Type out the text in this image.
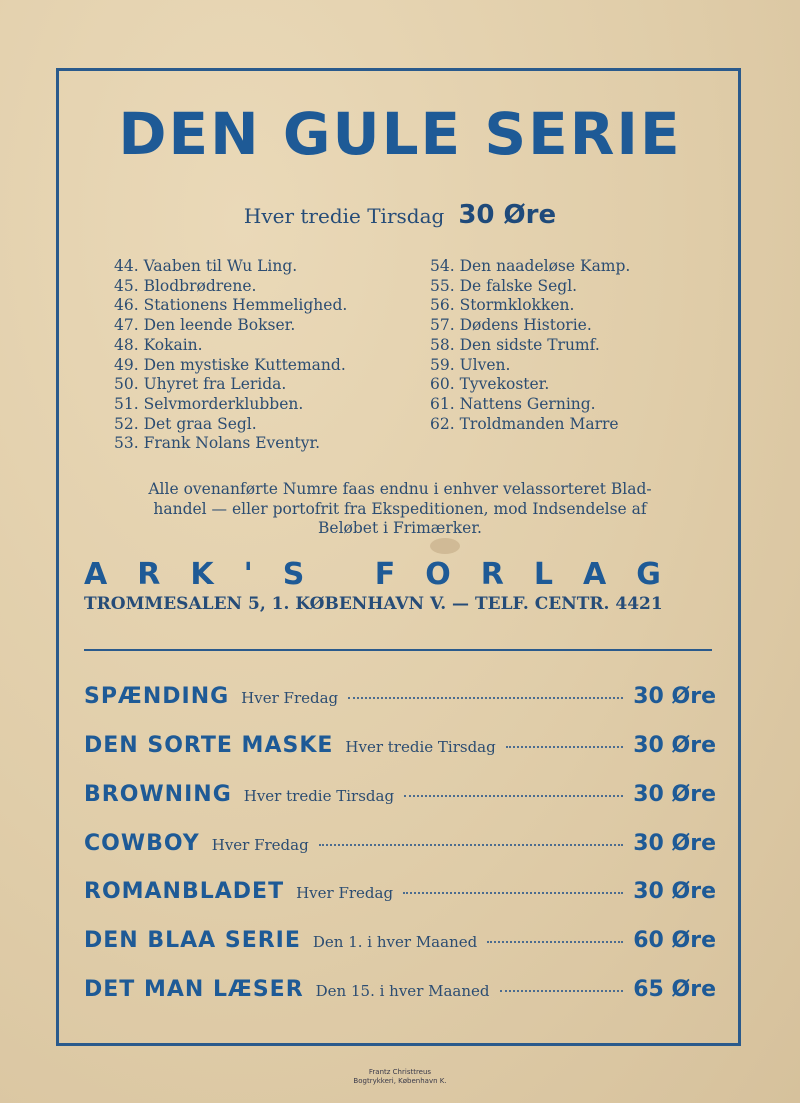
DEN GULE SERIE
Hver tredie Tirsdag 30 Øre
44. Vaaben til Wu Ling.
45. Blodbrødrene.
46. Stationens Hemmelighed.
47. Den leende Bokser.
48. Kokain.
49. Den mystiske Kuttemand.
50. Uhyret fra Lerida.
51. Selvmorderklubben.
52. Det graa Segl.
53. Frank Nolans Eventyr.
54. Den naadeløse Kamp.
55. De falske Segl.
56. Stormklokken.
57. Dødens Historie.
58. Den sidste Trumf.
59. Ulven.
60. Tyvekoster.
61. Nattens Gerning.
62. Troldmanden Marre
Alle ovenanførte Numre faas endnu i enhver velassorteret Blad-
handel — eller portofrit fra Ekspeditionen, mod Indsendelse af
Beløbet i Frimærker.
ARK'S FORLAG
TROMMESALEN 5, 1. KØBENHAVN V. — TELF. CENTR. 4421
SPÆNDING Hver Fredag	30 Øre
DEN SORTE MASKE Hver tredie Tirsdag	30 Øre
BROWNING Hver tredie Tirsdag	30 Øre
COWBOY Hver Fredag	30 Øre
ROMANBLADET Hver Fredag	30 Øre
DEN BLAA SERIE Den 1. i hver Maaned	60 Øre
DET MAN LÆSER Den 15. i hver Maaned	65 Øre
Frantz Christtreus
Bogtrykkeri, København K.
